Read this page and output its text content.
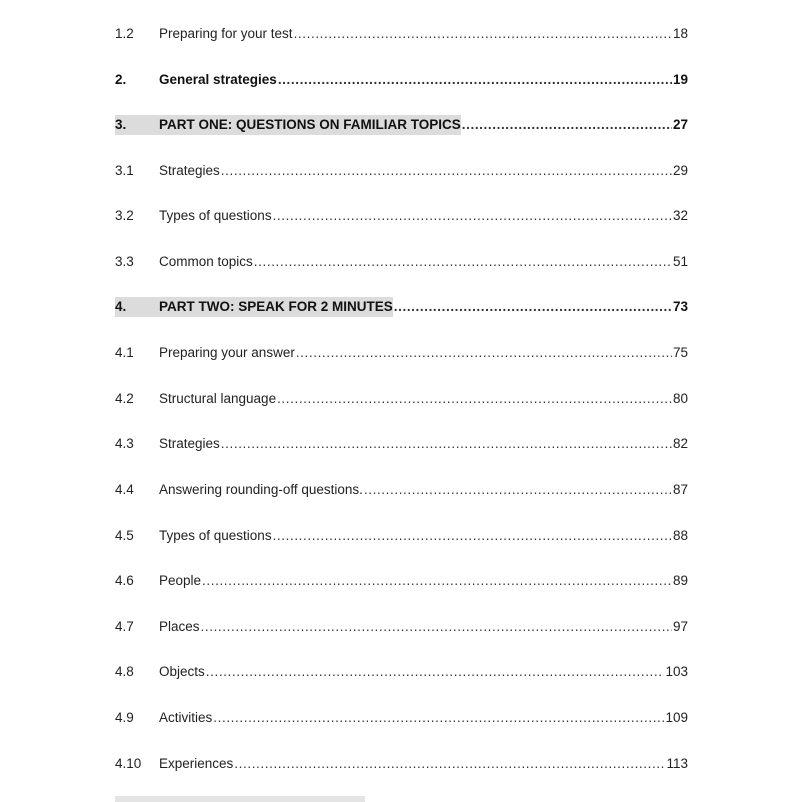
1.2	Preparing for your test .....	18
2.	General strategies .....	19
3.	PART ONE: QUESTIONS ON FAMILIAR TOPICS .....	27
3.1	Strategies .....	29
3.2	Types of questions .....	32
3.3	Common topics .....	51
4.	PART TWO: SPEAK FOR 2 MINUTES .....	73
4.1	Preparing your answer .....	75
4.2	Structural language .....	80
4.3	Strategies .....	82
4.4	Answering rounding-off questions. .....	87
4.5	Types of questions .....	88
4.6	People .....	89
4.7	Places .....	97
4.8	Objects .....	103
4.9	Activities .....	109
4.10	Experiences .....	113
